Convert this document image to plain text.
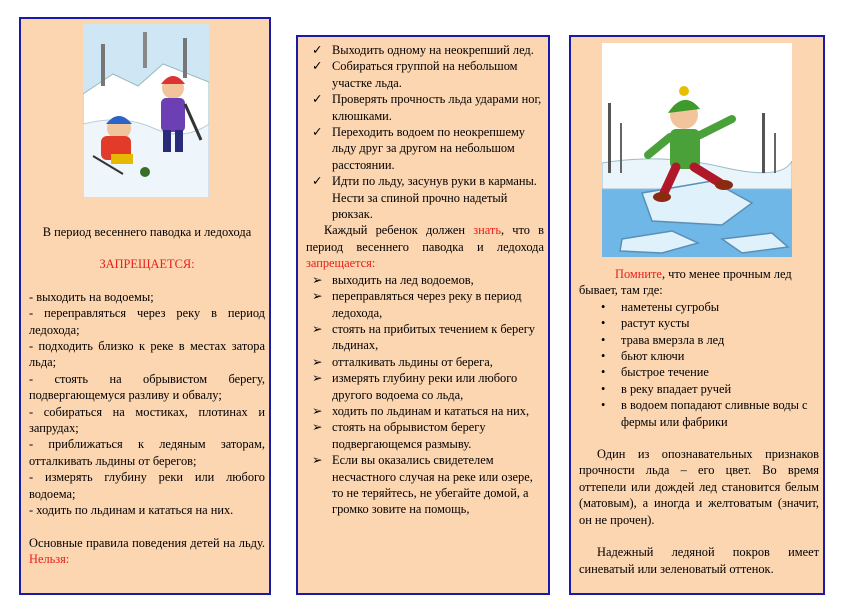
В период весеннего паводка и ледохода
ЗАПРЕЩАЕТСЯ:
- выходить на водоемы;
- переправляться через реку в период ледохода;
- подходить близко к реке в местах затора льда;
- стоять на обрывистом берегу, подвергающемуся разливу и обвалу;
- собираться на мостиках, плотинах и запрудах;
- приближаться к ледяным заторам, отталкивать льдины от берегов;
- измерять глубину реки или любого водоема;
- ходить по льдинам и кататься на них.
Основные правила поведения детей на льду. Нельзя:
✓ Выходить одному на неокрепший лед.
✓ Собираться группой на небольшом участке льда.
✓ Проверять прочность льда ударами ног, клюшками.
✓ Переходить водоем по неокрепшему льду друг за другом на небольшом расстоянии.
✓ Идти по льду, засунув руки в карманы. Нести за спиной прочно надетый рюкзак.
Каждый ребенок должен знать, что в период весеннего паводка и ледохода запрещается:
➢ выходить на лед водоемов,
➢ переправляться через реку в период ледохода,
➢ стоять на прибитых течением к берегу льдинах,
➢ отталкивать льдины от берега,
➢ измерять глубину реки или любого другого водоема со льда,
➢ ходить по льдинам и кататься на них,
➢ стоять на обрывистом берегу подвергающемся размыву.
➢ Если вы оказались свидетелем несчастного случая на реке или озере, то не теряйтесь, не убегайте домой, а громко зовите на помощь,
Помните, что менее прочным лед бывает, там где:
• наметены сугробы
• растут кусты
• трава вмерзла в лед
• бьют ключи
• быстрое течение
• в реку впадает ручей
• в водоем попадают сливные воды с фермы или фабрики
Один из опознавательных признаков прочности льда – его цвет. Во время оттепели или дождей лед становится белым (матовым), а иногда и желтоватым (значит, он не прочен).
Надежный ледяной покров имеет синеватый или зеленоватый оттенок.
